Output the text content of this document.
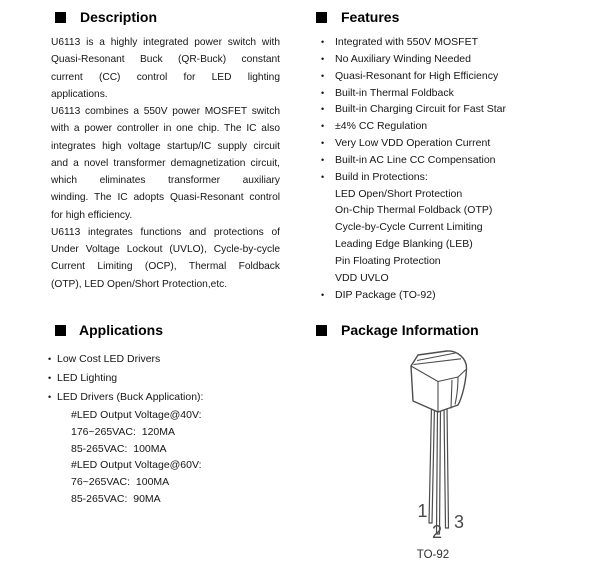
Description
U6113 is a highly integrated power switch with
Quasi-Resonant Buck (QR-Buck) constant
current (CC) control for LED lighting
applications.
U6113 combines a 550V power MOSFET switch
with a power controller in one chip. The IC also
integrates high voltage startup/IC supply circuit
and a novel transformer demagnetization circuit,
which eliminates transformer auxiliary
winding. The IC adopts Quasi-Resonant control
for high efficiency.
U6113 integrates functions and protections of
Under Voltage Lockout (UVLO), Cycle-by-cycle
Current Limiting (OCP), Thermal Foldback
(OTP), LED Open/Short Protection,etc.
Features
•	Integrated with 550V MOSFET
•	No Auxiliary Winding Needed
•	Quasi-Resonant for High Efficiency
•	Built-in Thermal Foldback
•	Built-in Charging Circuit for Fast Star
•	±4% CC Regulation
•	Very Low VDD Operation Current
•	Built-in AC Line CC Compensation
•	Build in Protections:
LED Open/Short Protection
On-Chip Thermal Foldback (OTP)
Cycle-by-Cycle Current Limiting
Leading Edge Blanking (LEB)
Pin Floating Protection
VDD UVLO
•	DIP Package (TO-92)
Applications
• Low Cost LED Drivers
• LED Lighting
• LED Drivers (Buck Application):
#LED Output Voltage@40V:
176~265VAC:  120MA
85-265VAC:  100MA
#LED Output Voltage@60V:
76~265VAC:  100MA
85-265VAC:  90MA
Package Information
1
2 3
TO-92
